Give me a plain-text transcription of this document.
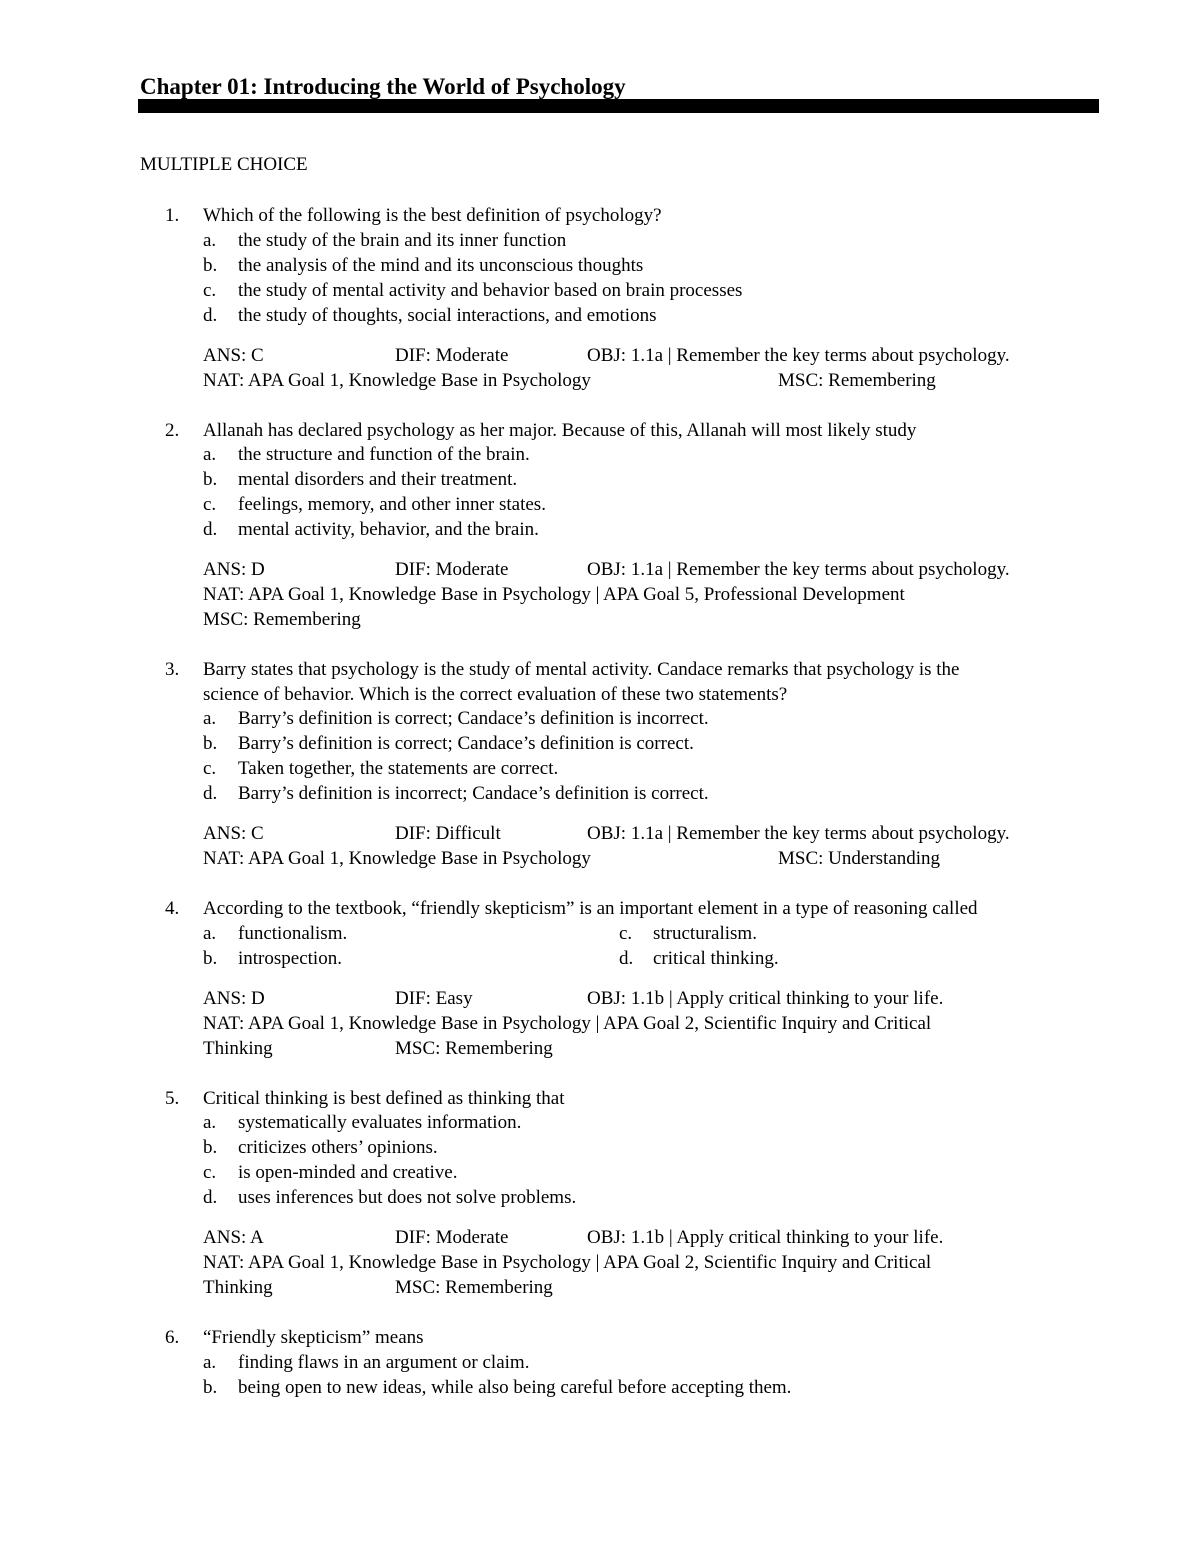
Chapter 01: Introducing the World of Psychology
MULTIPLE CHOICE
1. Which of the following is the best definition of psychology?
a. the study of the brain and its inner function
b. the analysis of the mind and its unconscious thoughts
c. the study of mental activity and behavior based on brain processes
d. the study of thoughts, social interactions, and emotions
ANS: C	DIF: Moderate	OBJ: 1.1a | Remember the key terms about psychology.
NAT: APA Goal 1, Knowledge Base in Psychology	MSC: Remembering
2. Allanah has declared psychology as her major. Because of this, Allanah will most likely study
a. the structure and function of the brain.
b. mental disorders and their treatment.
c. feelings, memory, and other inner states.
d. mental activity, behavior, and the brain.
ANS: D	DIF: Moderate	OBJ: 1.1a | Remember the key terms about psychology.
NAT: APA Goal 1, Knowledge Base in Psychology | APA Goal 5, Professional Development
MSC: Remembering
3. Barry states that psychology is the study of mental activity. Candace remarks that psychology is the
science of behavior. Which is the correct evaluation of these two statements?
a. Barry’s definition is correct; Candace’s definition is incorrect.
b. Barry’s definition is correct; Candace’s definition is correct.
c. Taken together, the statements are correct.
d. Barry’s definition is incorrect; Candace’s definition is correct.
ANS: C	DIF: Difficult	OBJ: 1.1a | Remember the key terms about psychology.
NAT: APA Goal 1, Knowledge Base in Psychology	MSC: Understanding
4. According to the textbook, “friendly skepticism” is an important element in a type of reasoning called
a. functionalism.	c. structuralism.
b. introspection.	d. critical thinking.
ANS: D	DIF: Easy	OBJ: 1.1b | Apply critical thinking to your life.
NAT: APA Goal 1, Knowledge Base in Psychology | APA Goal 2, Scientific Inquiry and Critical
Thinking	MSC: Remembering
5. Critical thinking is best defined as thinking that
a. systematically evaluates information.
b. criticizes others’ opinions.
c. is open-minded and creative.
d. uses inferences but does not solve problems.
ANS: A	DIF: Moderate	OBJ: 1.1b | Apply critical thinking to your life.
NAT: APA Goal 1, Knowledge Base in Psychology | APA Goal 2, Scientific Inquiry and Critical
Thinking	MSC: Remembering
6. “Friendly skepticism” means
a. finding flaws in an argument or claim.
b. being open to new ideas, while also being careful before accepting them.
